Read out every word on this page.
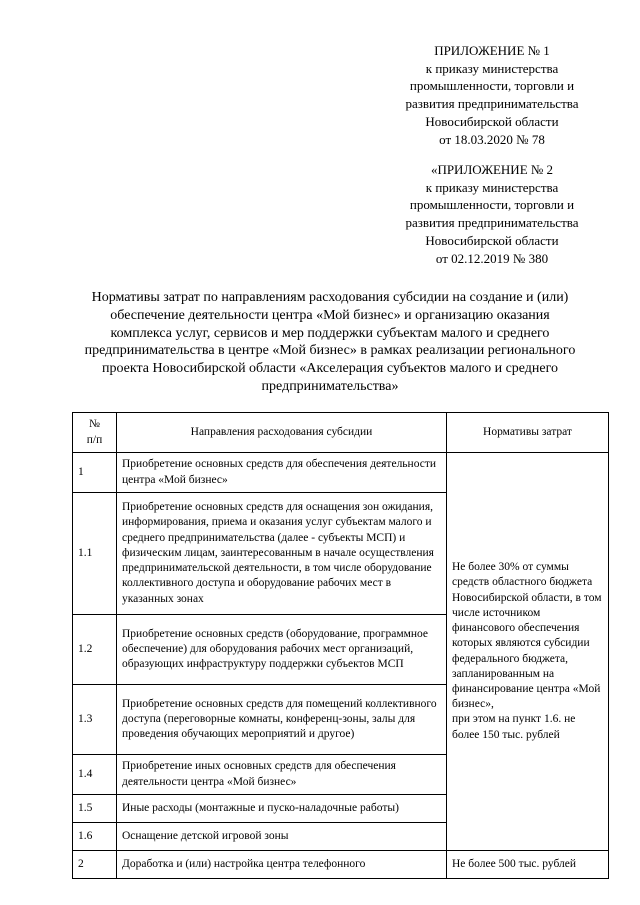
ПРИЛОЖЕНИЕ № 1
к приказу министерства
промышленности, торговли и
развития предпринимательства
Новосибирской области
от 18.03.2020 № 78
«ПРИЛОЖЕНИЕ № 2
к приказу министерства
промышленности, торговли и
развития предпринимательства
Новосибирской области
от 02.12.2019 № 380
Нормативы затрат по направлениям расходования субсидии на создание и (или)
обеспечение деятельности центра «Мой бизнес» и организацию оказания
комплекса услуг, сервисов и мер поддержки субъектам малого и среднего
предпринимательства в центре «Мой бизнес» в рамках реализации регионального
проекта Новосибирской области «Акселерация субъектов малого и среднего
предпринимательства»
№
п/п	Направления расходования субсидии	Нормативы затрат
1	Приобретение основных средств для обеспечения деятельности центра «Мой бизнес»	Не более 30% от суммы средств областного бюджета Новосибирской области, в том числе источником финансового обеспечения которых являются субсидии федерального бюджета, запланированным на финансирование центра «Мой бизнес»,
при этом на пункт 1.6. не более 150 тыс. рублей

1.1	Приобретение основных средств для оснащения зон ожидания, информирования, приема и оказания услуг субъектам малого и среднего предпринимательства (далее - субъекты МСП) и физическим лицам, заинтересованным в начале осуществления предпринимательской деятельности, в том числе оборудование коллективного доступа и оборудование рабочих мест в указанных зонах	
1.2	Приобретение основных средств (оборудование, программное обеспечение) для оборудования рабочих мест организаций, образующих инфраструктуру поддержки субъектов МСП	
1.3	Приобретение основных средств для помещений коллективного доступа (переговорные комнаты, конференц-зоны, залы для проведения обучающих мероприятий и другое)	
1.4	Приобретение иных основных средств для обеспечения деятельности центра «Мой бизнес»	
1.5	Иные расходы (монтажные и пуско-наладочные работы)	
1.6	Оснащение детской игровой зоны	
2	Доработка и (или) настройка центра телефонного	Не более 500 тыс. рублей
